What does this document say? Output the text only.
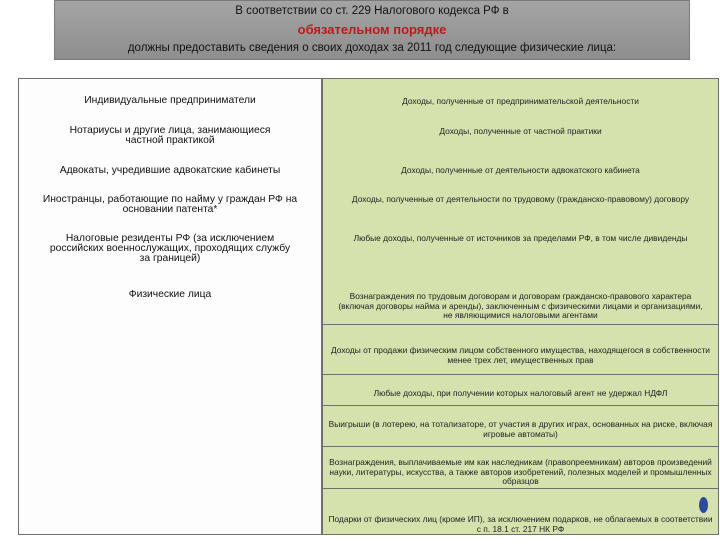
В соответствии со ст. 229 Налогового кодекса РФ в
обязательном порядке
должны предоставить сведения о своих доходах за 2011 год следующие физические лица:
Индивидуальные предприниматели
Нотариусы и другие лица, занимающиеся частной практикой
Адвокаты, учредившие адвокатские кабинеты
Иностранцы, работающие по найму у граждан РФ на основании патента*
Налоговые резиденты РФ (за исключением российских военнослужащих, проходящих службу за границей)
Физические лица
Доходы, полученные от предпринимательской деятельности
Доходы, полученные от частной практики
Доходы, полученные от деятельности адвокатского кабинета
Доходы, полученные от деятельности по трудовому (гражданско-правовому) договору
Любые доходы, полученные от источников за пределами РФ, в том числе дивиденды
Вознаграждения по трудовым договорам и договорам гражданско-правового характера (включая договоры найма и аренды), заключенным с физическими лицами и организациями, не являющимися налоговыми агентами
Доходы от продажи физическим лицом собственного имущества, находящегося в собственности менее трех лет, имущественных прав
Любые доходы, при получении которых налоговый агент не удержал НДФЛ
Выигрыши (в лотерею, на тотализаторе, от участия в других играх, основанных на риске, включая игровые автоматы)
Вознаграждения, выплачиваемые им как наследникам (правопреемникам) авторов произведений науки, литературы, искусства, а также авторов изобретений, полезных моделей и промышленных образцов
Подарки от физических лиц (кроме ИП), за исключением подарков, не облагаемых в соответствии с п. 18.1 ст. 217 НК РФ
